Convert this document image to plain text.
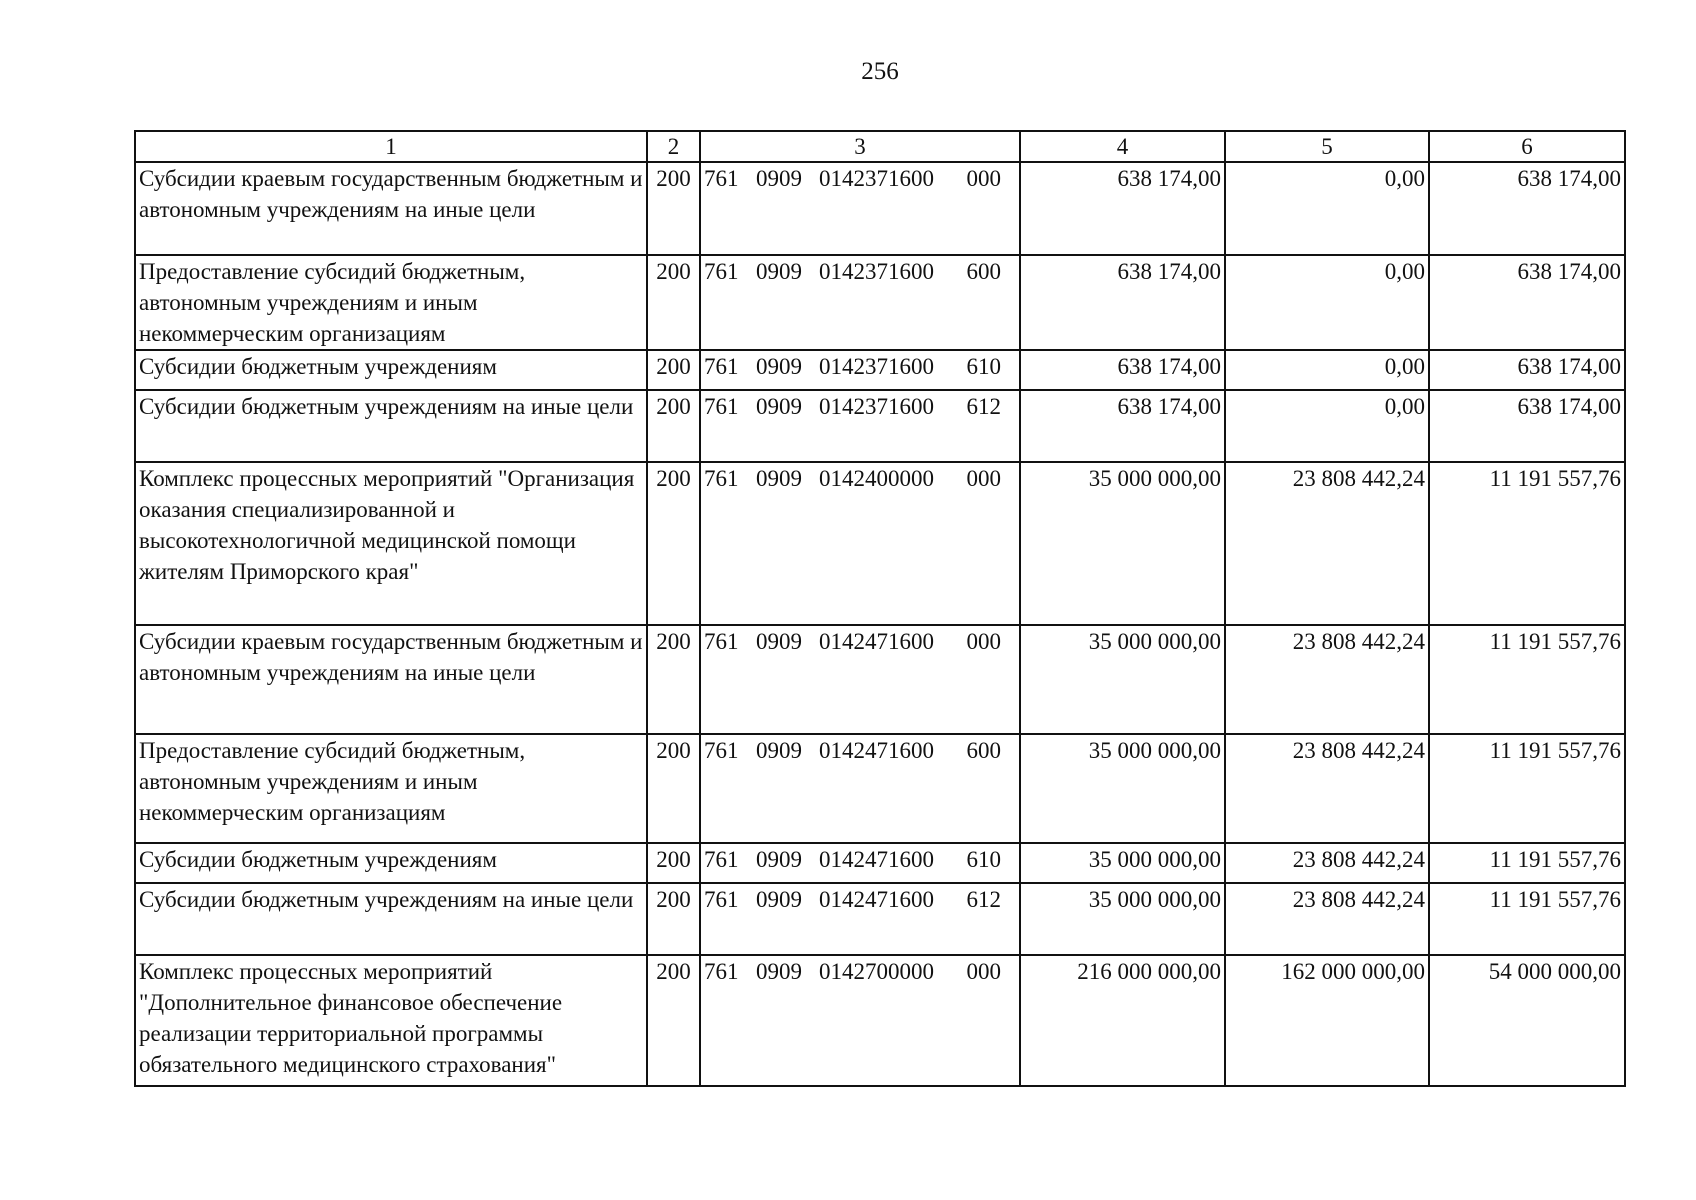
256
1	2	3	4	5	6
Субсидии краевым государственным бюджетным и автономным учреждениям на иные цели	200	761 0909 0142371600 000	638 174,00	0,00	638 174,00
Предоставление субсидий бюджетным, автономным учреждениям и иным некоммерческим организациям	200	761 0909 0142371600 600	638 174,00	0,00	638 174,00
Субсидии бюджетным учреждениям	200	761 0909 0142371600 610	638 174,00	0,00	638 174,00
Субсидии бюджетным учреждениям на иные цели	200	761 0909 0142371600 612	638 174,00	0,00	638 174,00
Комплекс процессных мероприятий "Организация оказания специализированной и высокотехнологичной медицинской помощи жителям Приморского края"	200	761 0909 0142400000 000	35 000 000,00	23 808 442,24	11 191 557,76
Субсидии краевым государственным бюджетным и автономным учреждениям на иные цели	200	761 0909 0142471600 000	35 000 000,00	23 808 442,24	11 191 557,76
Предоставление субсидий бюджетным, автономным учреждениям и иным некоммерческим организациям	200	761 0909 0142471600 600	35 000 000,00	23 808 442,24	11 191 557,76
Субсидии бюджетным учреждениям	200	761 0909 0142471600 610	35 000 000,00	23 808 442,24	11 191 557,76
Субсидии бюджетным учреждениям на иные цели	200	761 0909 0142471600 612	35 000 000,00	23 808 442,24	11 191 557,76
Комплекс процессных мероприятий "Дополнительное финансовое обеспечение реализации территориальной программы обязательного медицинского страхования"	200	761 0909 0142700000 000	216 000 000,00	162 000 000,00	54 000 000,00
